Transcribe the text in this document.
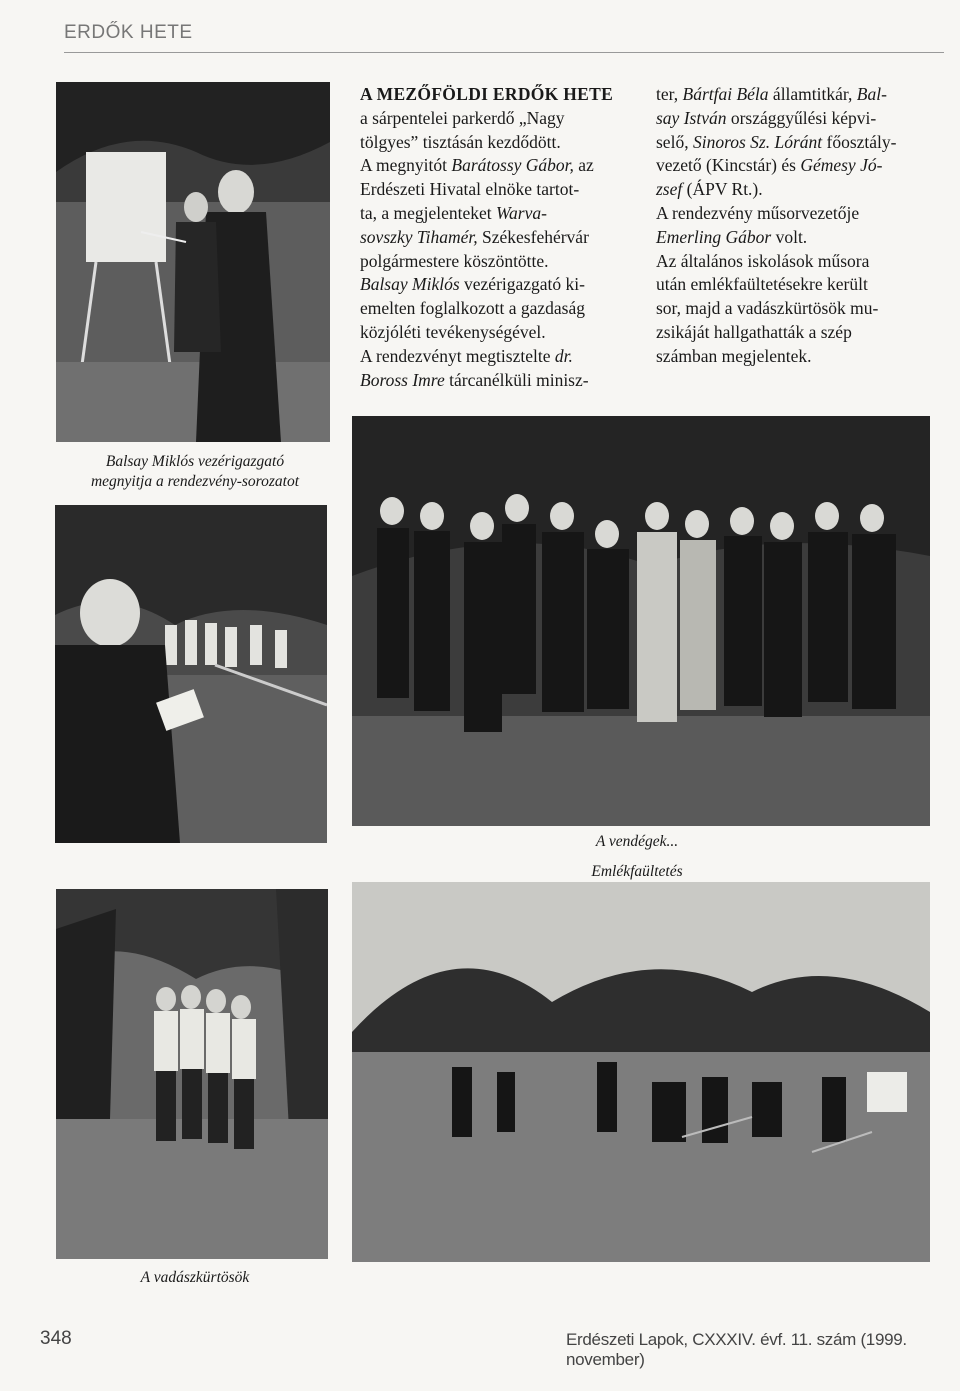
ERDŐK HETE
Balsay Miklós vezérigazgató
megnyitja a rendezvény-sorozatot
A MEZŐFÖLDI ERDŐK HETE
a sárpentelei parkerdő „Nagy
tölgyes” tisztásán kezdődött.
A megnyitót Barátossy Gábor, az
Erdészeti Hivatal elnöke tartot-
ta, a megjelenteket Warva-
sovszky Tihamér, Székesfehérvár
polgármestere köszöntötte.
Balsay Miklós vezérigazgató ki-
emelten foglalkozott a gazdaság
közjóléti tevékenységével.
A rendezvényt megtisztelte dr.
Boross Imre tárcanélküli minisz-
ter, Bártfai Béla államtitkár, Bal-
say István országgyűlési képvi-
selő, Sinoros Sz. Lóránt főosztály-
vezető (Kincstár) és Gémesy Jó-
zsef (ÁPV Rt.).
A rendezvény műsorvezetője
Emerling Gábor volt.
Az általános iskolások műsora
után emlékfaültetésekre került
sor, majd a vadászkürtösök mu-
zsikáját hallgathatták a szép
számban megjelentek.
A vendégek...
Emlékfaültetés
A vadászkürtösök
348	Erdészeti Lapok, CXXXIV. évf. 11. szám (1999. november)
